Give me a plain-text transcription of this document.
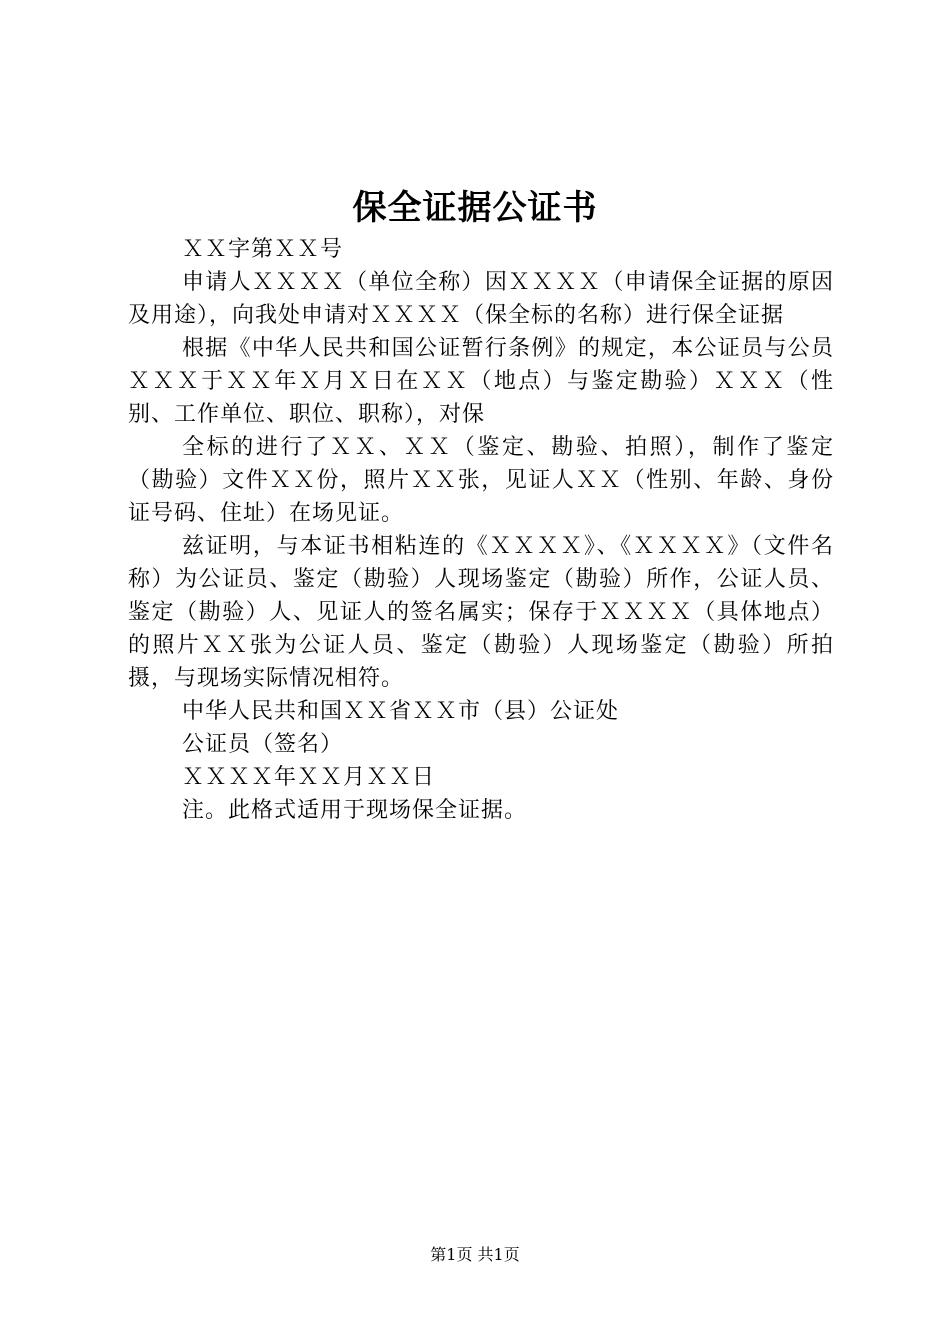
保全证据公证书

ＸＸ字第ＸＸ号

申请人ＸＸＸＸ（单位全称）因ＸＸＸＸ（申请保全证据的原因及用途），向我处申请对ＸＸＸＸ（保全标的名称）进行保全证据

根据《中华人民共和国公证暂行条例》的规定，本公证员与公员ＸＸＸ于ＸＸ年Ｘ月Ｘ日在ＸＸ（地点）与鉴定勘验）ＸＸＸ（性别、工作单位、职位、职称），对保

全标的进行了ＸＸ、ＸＸ（鉴定、勘验、拍照），制作了鉴定（勘验）文件ＸＸ份，照片ＸＸ张，见证人ＸＸ（性别、年龄、身份证号码、住址）在场见证。

兹证明，与本证书相粘连的《ＸＸＸＸ》、《ＸＸＸＸ》（文件名称）为公证员、鉴定（勘验）人现场鉴定（勘验）所作，公证人员、鉴定（勘验）人、见证人的签名属实；保存于ＸＸＸＸ（具体地点）的照片ＸＸ张为公证人员、鉴定（勘验）人现场鉴定（勘验）所拍摄，与现场实际情况相符。

中华人民共和国ＸＸ省ＸＸ市（县）公证处

公证员（签名）

ＸＸＸＸ年ＸＸ月ＸＸ日

注。此格式适用于现场保全证据。

第1页 共1页
